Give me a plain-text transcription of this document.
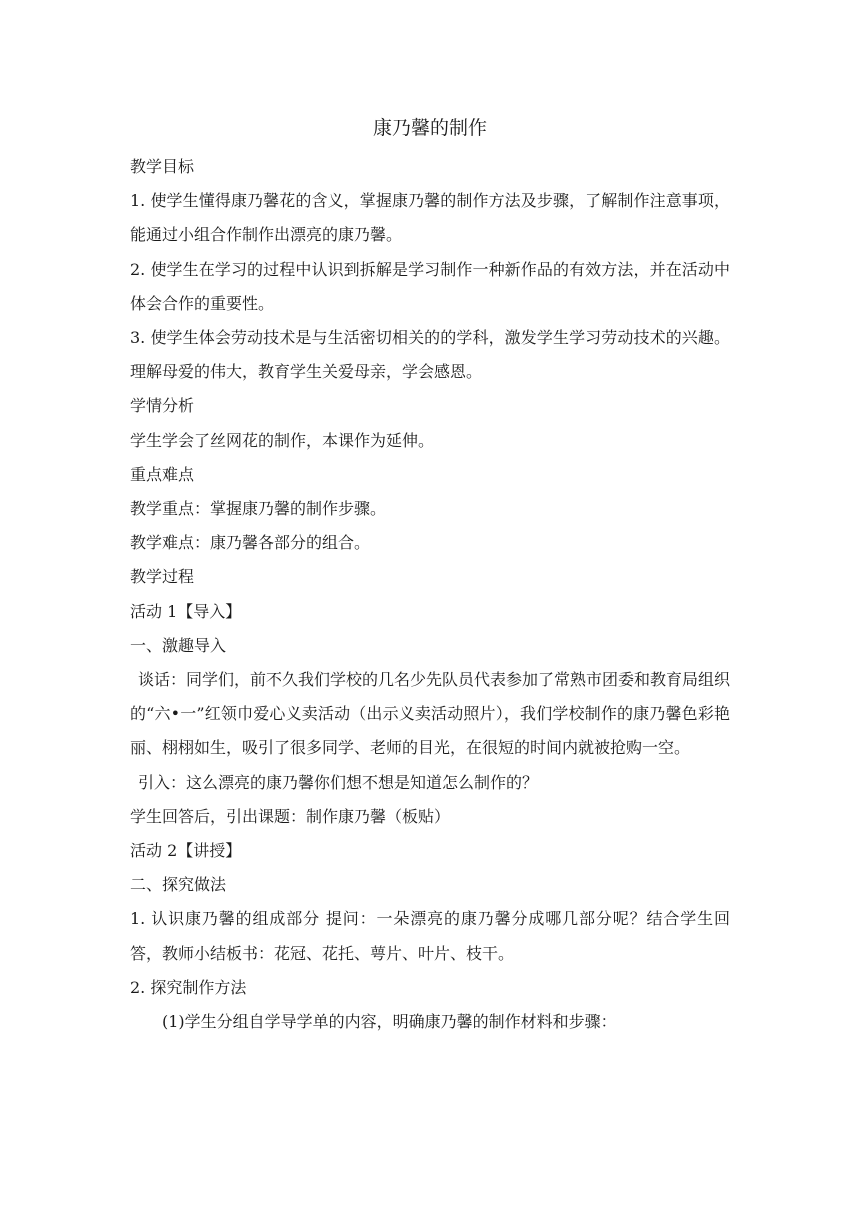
康乃馨的制作

教学目标

1. 使学生懂得康乃馨花的含义，掌握康乃馨的制作方法及步骤，了解制作注意事项，能通过小组合作制作出漂亮的康乃馨。

2. 使学生在学习的过程中认识到拆解是学习制作一种新作品的有效方法，并在活动中体会合作的重要性。

3. 使学生体会劳动技术是与生活密切相关的的学科，激发学生学习劳动技术的兴趣。理解母爱的伟大，教育学生关爱母亲，学会感恩。

学情分析

学生学会了丝网花的制作，本课作为延伸。

重点难点

教学重点：掌握康乃馨的制作步骤。

教学难点：康乃馨各部分的组合。

教学过程

活动 1【导入】

一、激趣导入

谈话：同学们，前不久我们学校的几名少先队员代表参加了常熟市团委和教育局组织的“六•一”红领巾爱心义卖活动（出示义卖活动照片），我们学校制作的康乃馨色彩艳丽、栩栩如生，吸引了很多同学、老师的目光，在很短的时间内就被抢购一空。

引入：这么漂亮的康乃馨你们想不想是知道怎么制作的？

学生回答后，引出课题：制作康乃馨（板贴）

活动 2【讲授】

二、探究做法

1. 认识康乃馨的组成部分 提问：一朵漂亮的康乃馨分成哪几部分呢？结合学生回答，教师小结板书：花冠、花托、萼片、叶片、枝干。

2. 探究制作方法

(1)学生分组自学导学单的内容，明确康乃馨的制作材料和步骤：
